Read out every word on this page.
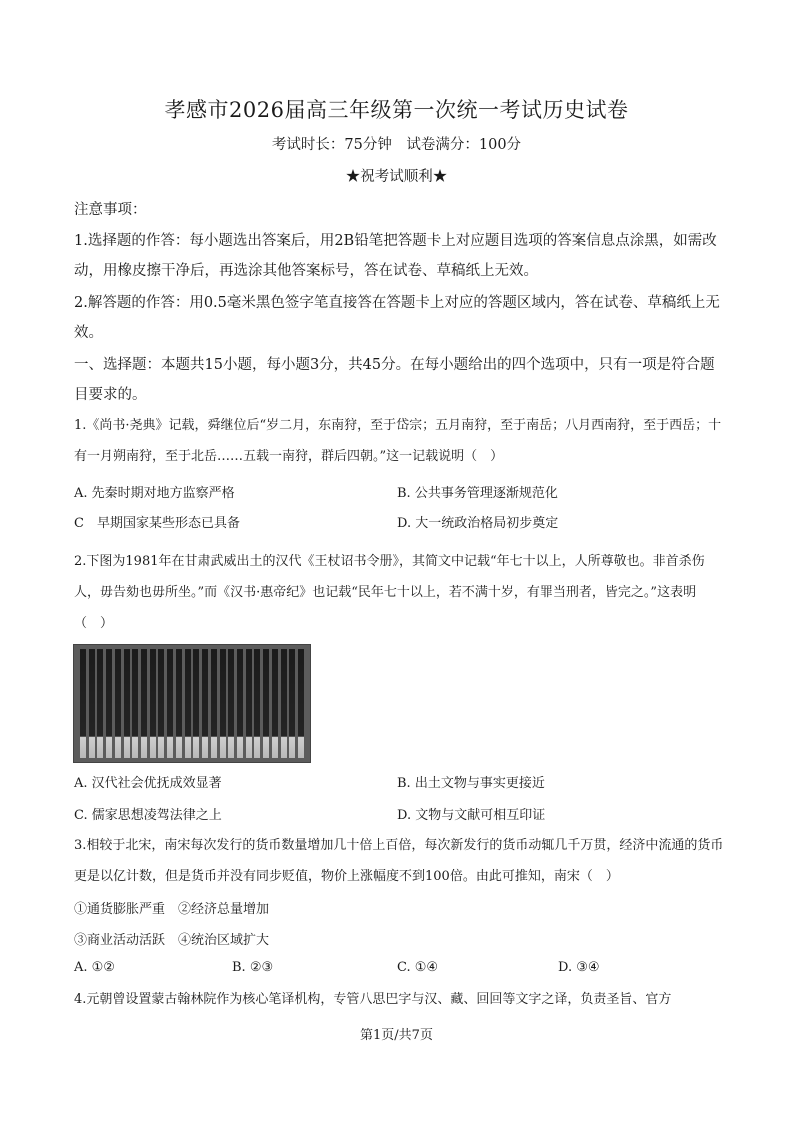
孝感市2026届高三年级第一次统一考试历史试卷
考试时长：75分钟　试卷满分：100分
★祝考试顺利★
注意事项：
1.选择题的作答：每小题选出答案后，用2B铅笔把答题卡上对应题目选项的答案信息点涂黑，如需改动，用橡皮擦干净后，再选涂其他答案标号，答在试卷、草稿纸上无效。
2.解答题的作答：用0.5毫米黑色签字笔直接答在答题卡上对应的答题区域内，答在试卷、草稿纸上无效。
一、选择题：本题共15小题，每小题3分，共45分。在每小题给出的四个选项中，只有一项是符合题目要求的。
1.《尚书·尧典》记载，舜继位后“岁二月，东南狩，至于岱宗；五月南狩，至于南岳；八月西南狩，至于西岳；十有一月朔南狩，至于北岳……五载一南狩，群后四朝。”这一记载说明（　）
A. 先秦时期对地方监察严格	B. 公共事务管理逐渐规范化
C　早期国家某些形态已具备	D. 大一统政治格局初步奠定
2.下图为1981年在甘肃武威出土的汉代《王杖诏书令册》，其简文中记载“年七十以上，人所尊敬也。非首杀伤人，毋告劾也毋所坐。”而《汉书·惠帝纪》也记载“民年七十以上，若不满十岁，有罪当刑者，皆完之。”这表明（　）
A. 汉代社会优抚成效显著	B. 出土文物与事实更接近
C. 儒家思想凌驾法律之上	D. 文物与文献可相互印证
3.相较于北宋，南宋每次发行的货币数量增加几十倍上百倍，每次新发行的货币动辄几千万贯，经济中流通的货币更是以亿计数，但是货币并没有同步贬值，物价上涨幅度不到100倍。由此可推知，南宋（　）
①通货膨胀严重　②经济总量增加
③商业活动活跃　④统治区域扩大
A. ①②	B. ②③	C. ①④	D. ③④
4.元朝曾设置蒙古翰林院作为核心笔译机构，专管八思巴字与汉、藏、回回等文字之译，负责圣旨、官方
第1页/共7页
